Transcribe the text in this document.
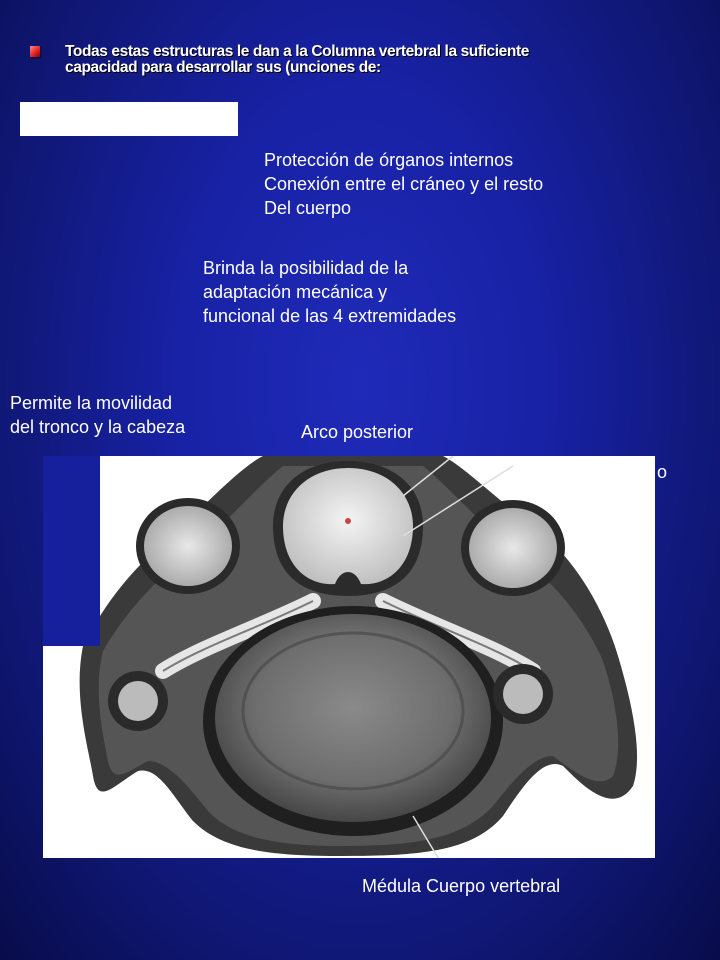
Todas estas estructuras le dan a la Columna vertebral la suficiente
capacidad para desarrollar sus (unciones de:

Protección de órganos internos
Conexión entre el cráneo y el resto
Del cuerpo

Brinda la posibilidad de la
adaptación mecánica y
funcional de las 4 extremidades

Permite la movilidad
del tronco y la cabeza	Arco posterior

o

Médula Cuerpo vertebral
